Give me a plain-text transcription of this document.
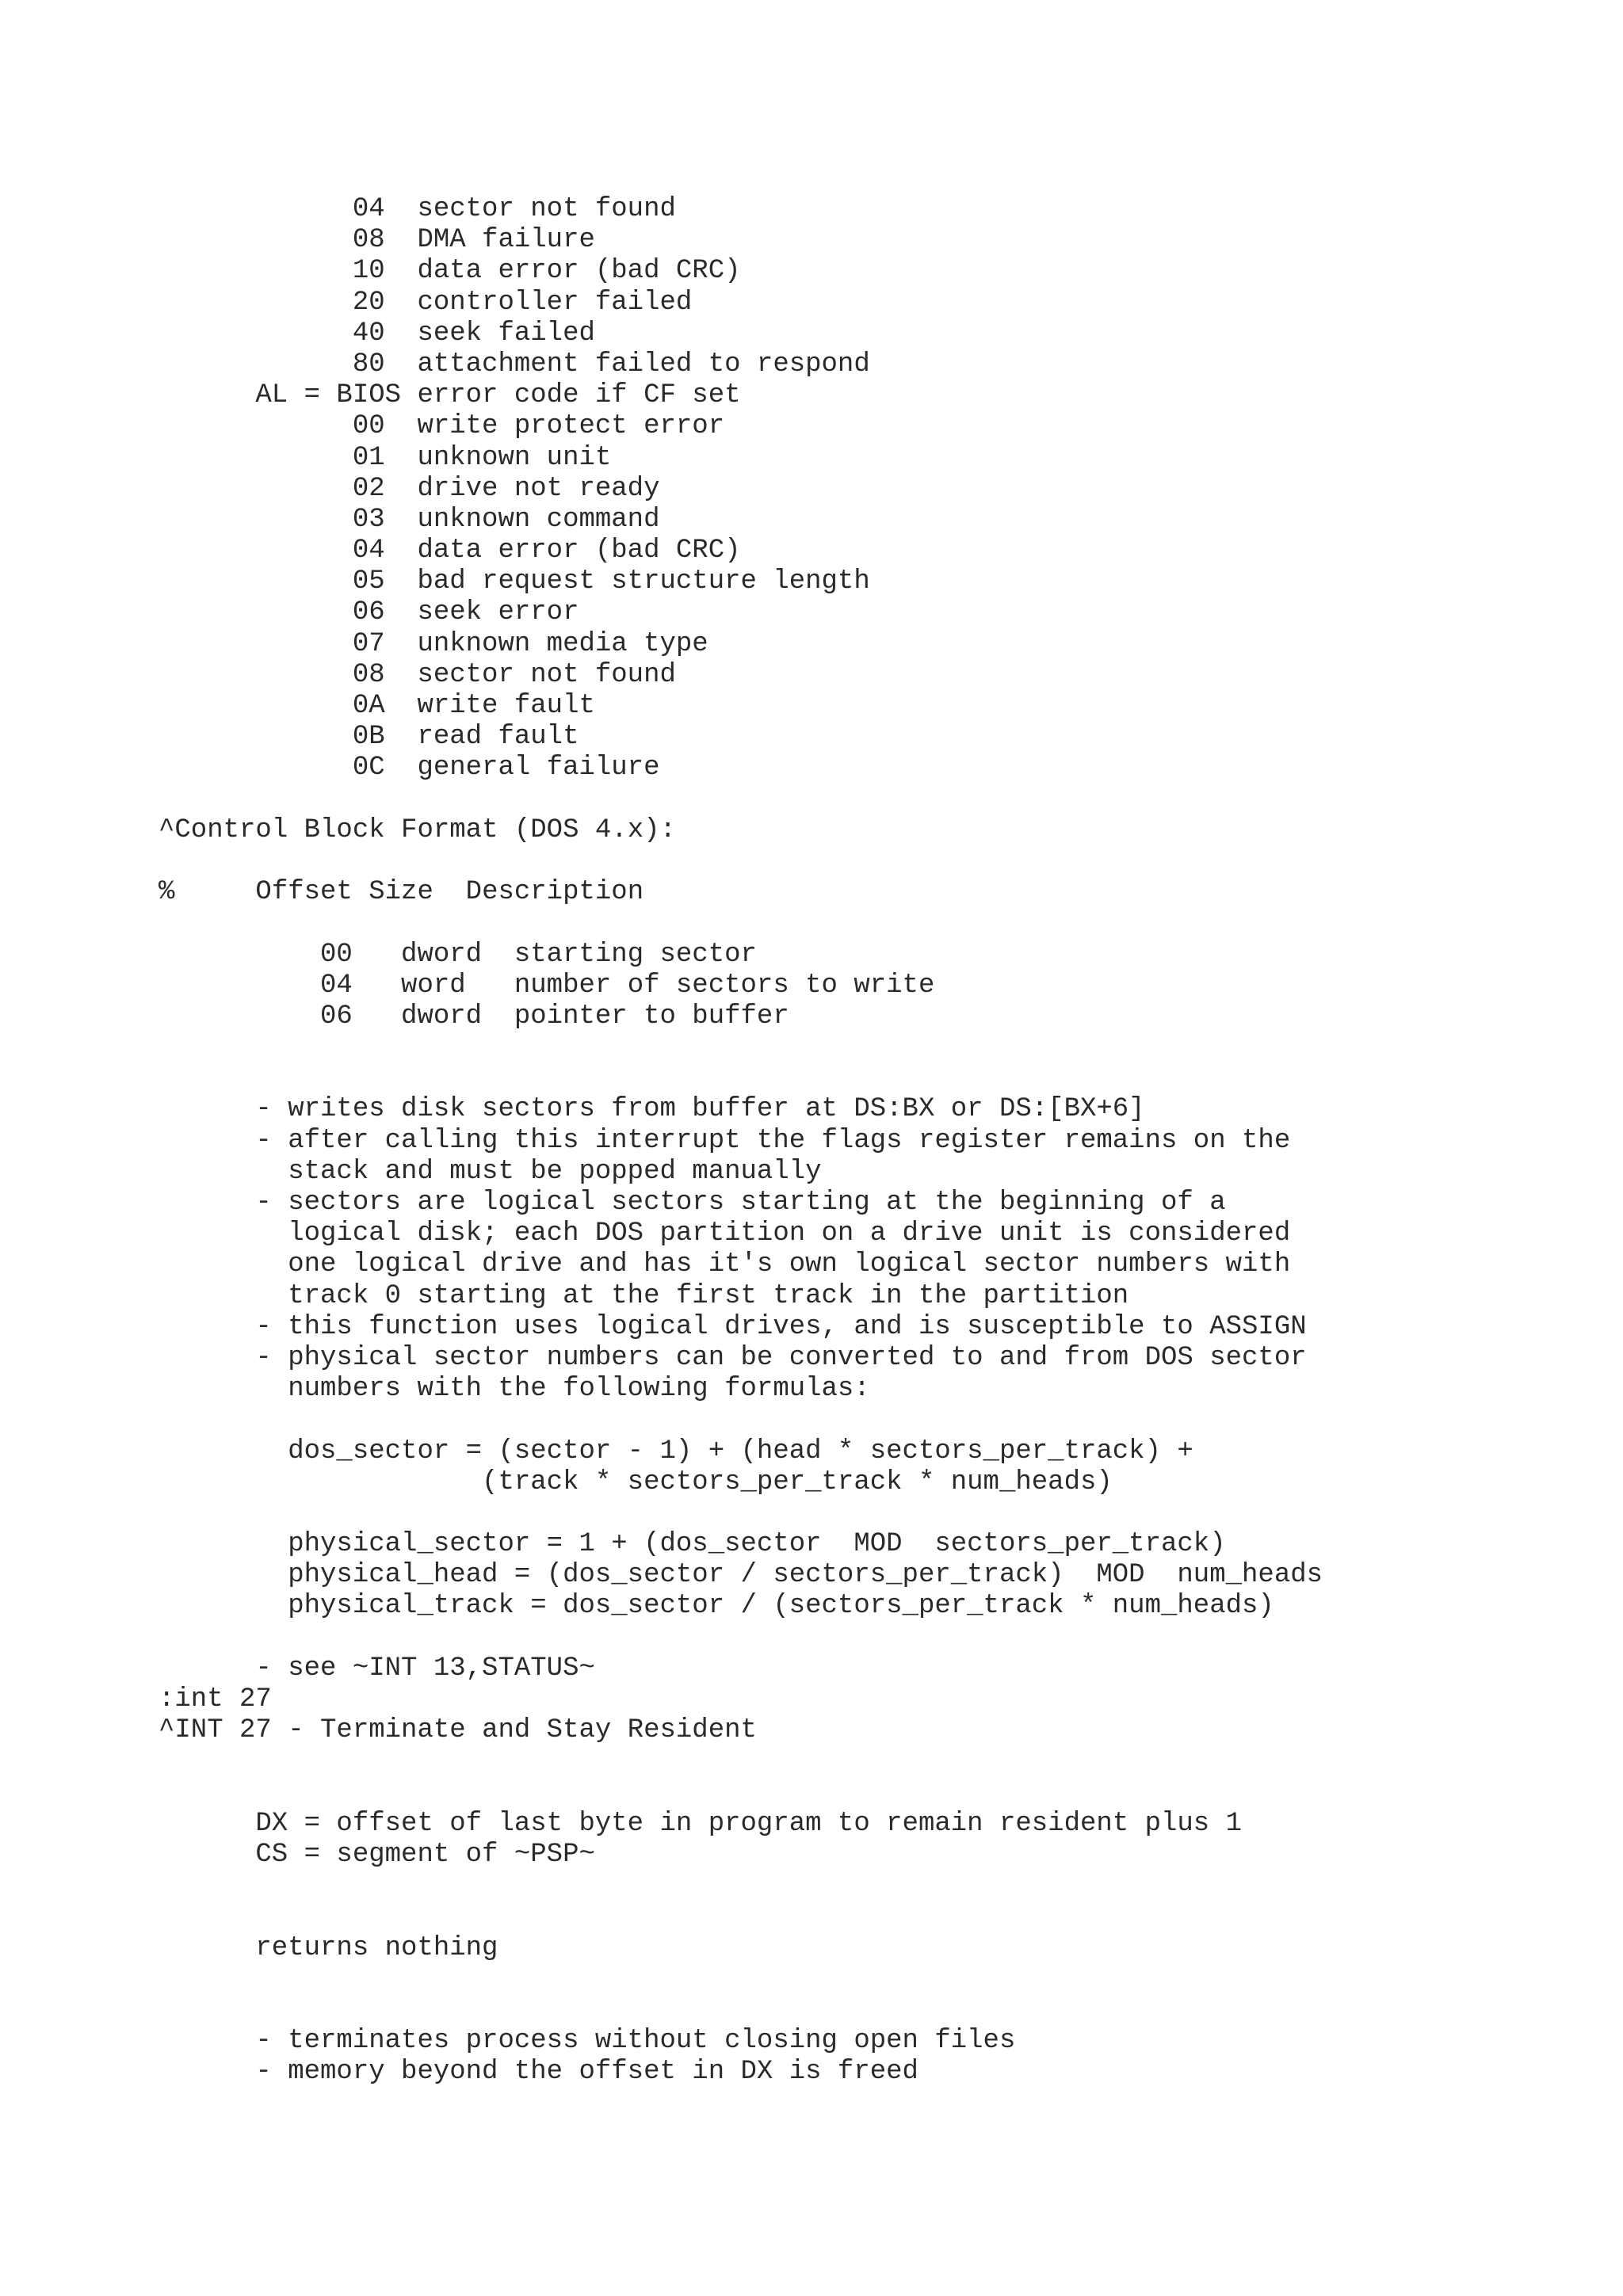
04  sector not found
08  DMA failure
10  data error (bad CRC)
20  controller failed
40  seek failed
80  attachment failed to respond
AL = BIOS error code if CF set
00  write protect error
01  unknown unit
02  drive not ready
03  unknown command
04  data error (bad CRC)
05  bad request structure length
06  seek error
07  unknown media type
08  sector not found
0A  write fault
0B  read fault
0C  general failure
^Control Block Format (DOS 4.x):
%     Offset Size  Description
00   dword  starting sector
04   word   number of sectors to write
06   dword  pointer to buffer
- writes disk sectors from buffer at DS:BX or DS:[BX+6]
- after calling this interrupt the flags register remains on the
stack and must be popped manually
- sectors are logical sectors starting at the beginning of a
logical disk; each DOS partition on a drive unit is considered
one logical drive and has it's own logical sector numbers with
track 0 starting at the first track in the partition
- this function uses logical drives, and is susceptible to ASSIGN
- physical sector numbers can be converted to and from DOS sector
numbers with the following formulas:
dos_sector = (sector - 1) + (head * sectors_per_track) +
(track * sectors_per_track * num_heads)
physical_sector = 1 + (dos_sector  MOD  sectors_per_track)
physical_head = (dos_sector / sectors_per_track)  MOD  num_heads
physical_track = dos_sector / (sectors_per_track * num_heads)
- see ~INT 13,STATUS~
:int 27
^INT 27 - Terminate and Stay Resident
DX = offset of last byte in program to remain resident plus 1
CS = segment of ~PSP~
returns nothing
- terminates process without closing open files
- memory beyond the offset in DX is freed
